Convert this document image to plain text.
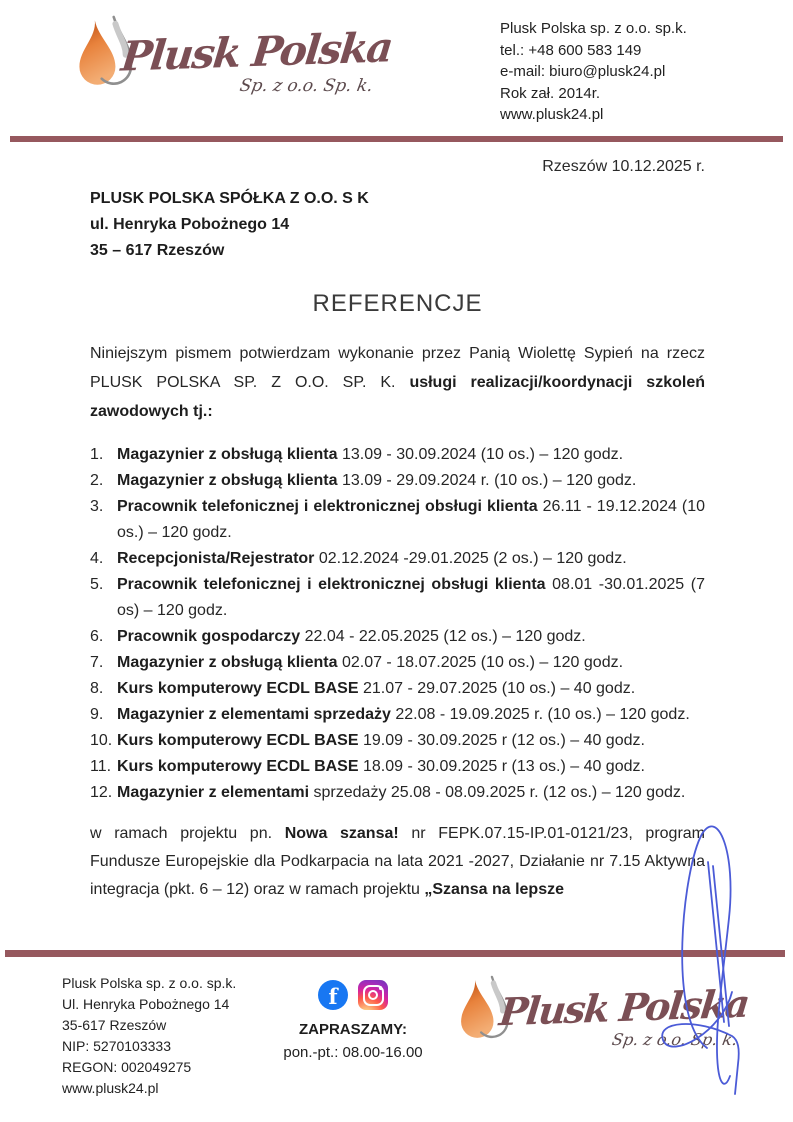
Plusk Polska
Sp. z o.o. Sp. k.
Plusk Polska sp. z o.o. sp.k.
tel.: +48 600 583 149
e-mail: biuro@plusk24.pl
Rok zał. 2014r.
www.plusk24.pl
Rzeszów 10.12.2025 r.
PLUSK POLSKA SPÓŁKA Z O.O. S K
ul. Henryka Pobożnego 14
35 – 617 Rzeszów
REFERENCJE

Niniejszym pismem potwierdzam wykonanie przez Panią Wiolettę Sypień na rzecz PLUSK POLSKA SP. Z O.O. SP. K. usługi realizacji/koordynacji szkoleń zawodowych tj.:

1. Magazynier z obsługą klienta 13.09 - 30.09.2024 (10 os.) – 120 godz.
2. Magazynier z obsługą klienta 13.09 - 29.09.2024 r. (10 os.) – 120 godz.
3. Pracownik telefonicznej i elektronicznej obsługi klienta 26.11 - 19.12.2024 (10 os.) – 120 godz.
4. Recepcjonista/Rejestrator 02.12.2024 -29.01.2025 (2 os.) – 120 godz.
5. Pracownik telefonicznej i elektronicznej obsługi klienta 08.01 -30.01.2025 (7 os) – 120 godz.
6. Pracownik gospodarczy 22.04 - 22.05.2025 (12 os.) – 120 godz.
7. Magazynier z obsługą klienta 02.07 - 18.07.2025 (10 os.) – 120 godz.
8. Kurs komputerowy ECDL BASE 21.07 - 29.07.2025 (10 os.) – 40 godz.
9. Magazynier z elementami sprzedaży 22.08 - 19.09.2025 r. (10 os.) – 120 godz.
10. Kurs komputerowy ECDL BASE 19.09 - 30.09.2025 r (12 os.) – 40 godz.
11. Kurs komputerowy ECDL BASE 18.09 - 30.09.2025 r (13 os.) – 40 godz.
12. Magazynier z elementami sprzedaży 25.08 - 08.09.2025 r. (12 os.) – 120 godz.

w ramach projektu pn. Nowa szansa! nr FEPK.07.15-IP.01-0121/23, program Fundusze Europejskie dla Podkarpacia na lata 2021 -2027, Działanie nr 7.15 Aktywna integracja (pkt. 6 – 12) oraz w ramach projektu „Szansa na lepsze

Plusk Polska sp. z o.o. sp.k.
Ul. Henryka Pobożnego 14
35-617 Rzeszów
NIP: 5270103333
REGON: 002049275
www.plusk24.pl
f
ZAPRASZAMY:
pon.-pt.: 08.00-16.00
Plusk Polska
Sp. z o.o. Sp. k.
